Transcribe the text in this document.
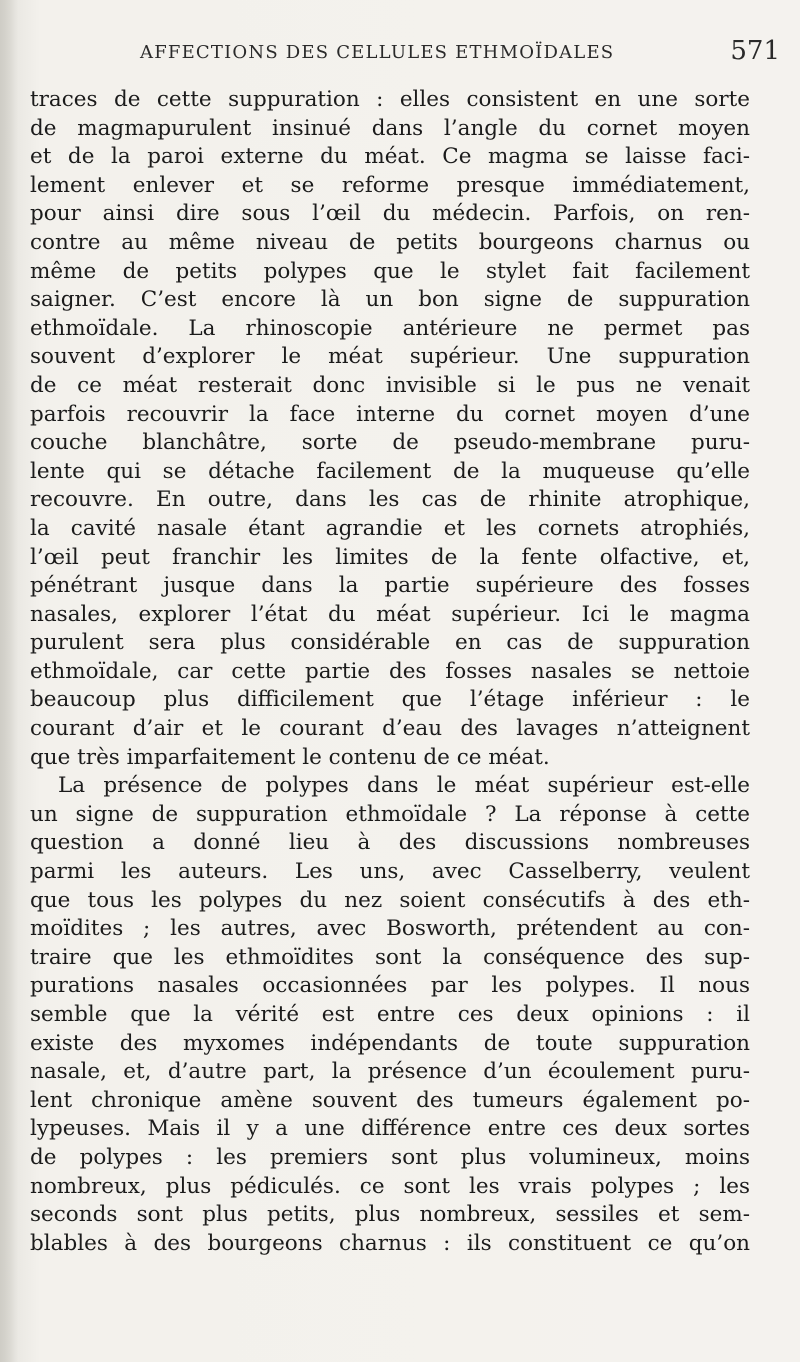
AFFECTIONS DES CELLULES ETHMOÏDALES	571
traces de cette suppuration : elles consistent en une sorte
de magmapurulent insinué dans l’angle du cornet moyen
et de la paroi externe du méat. Ce magma se laisse faci-
lement enlever et se reforme presque immédiatement,
pour ainsi dire sous l’œil du médecin. Parfois, on ren-
contre au même niveau de petits bourgeons charnus ou
même de petits polypes que le stylet fait facilement
saigner. C’est encore là un bon signe de suppuration
ethmoïdale. La rhinoscopie antérieure ne permet pas
souvent d’explorer le méat supérieur. Une suppuration
de ce méat resterait donc invisible si le pus ne venait
parfois recouvrir la face interne du cornet moyen d’une
couche blanchâtre, sorte de pseudo-membrane puru-
lente qui se détache facilement de la muqueuse qu’elle
recouvre. En outre, dans les cas de rhinite atrophique,
la cavité nasale étant agrandie et les cornets atrophiés,
l’œil peut franchir les limites de la fente olfactive, et,
pénétrant jusque dans la partie supérieure des fosses
nasales, explorer l’état du méat supérieur. Ici le magma
purulent sera plus considérable en cas de suppuration
ethmoïdale, car cette partie des fosses nasales se nettoie
beaucoup plus difficilement que l’étage inférieur : le
courant d’air et le courant d’eau des lavages n’atteignent
que très imparfaitement le contenu de ce méat.
La présence de polypes dans le méat supérieur est-elle
un signe de suppuration ethmoïdale ? La réponse à cette
question a donné lieu à des discussions nombreuses
parmi les auteurs. Les uns, avec Casselberry, veulent
que tous les polypes du nez soient consécutifs à des eth-
moïdites ; les autres, avec Bosworth, prétendent au con-
traire que les ethmoïdites sont la conséquence des sup-
purations nasales occasionnées par les polypes. Il nous
semble que la vérité est entre ces deux opinions : il
existe des myxomes indépendants de toute suppuration
nasale, et, d’autre part, la présence d’un écoulement puru-
lent chronique amène souvent des tumeurs également po-
lypeuses. Mais il y a une différence entre ces deux sortes
de polypes : les premiers sont plus volumineux, moins
nombreux, plus pédiculés. ce sont les vrais polypes ; les
seconds sont plus petits, plus nombreux, sessiles et sem-
blables à des bourgeons charnus : ils constituent ce qu’on
